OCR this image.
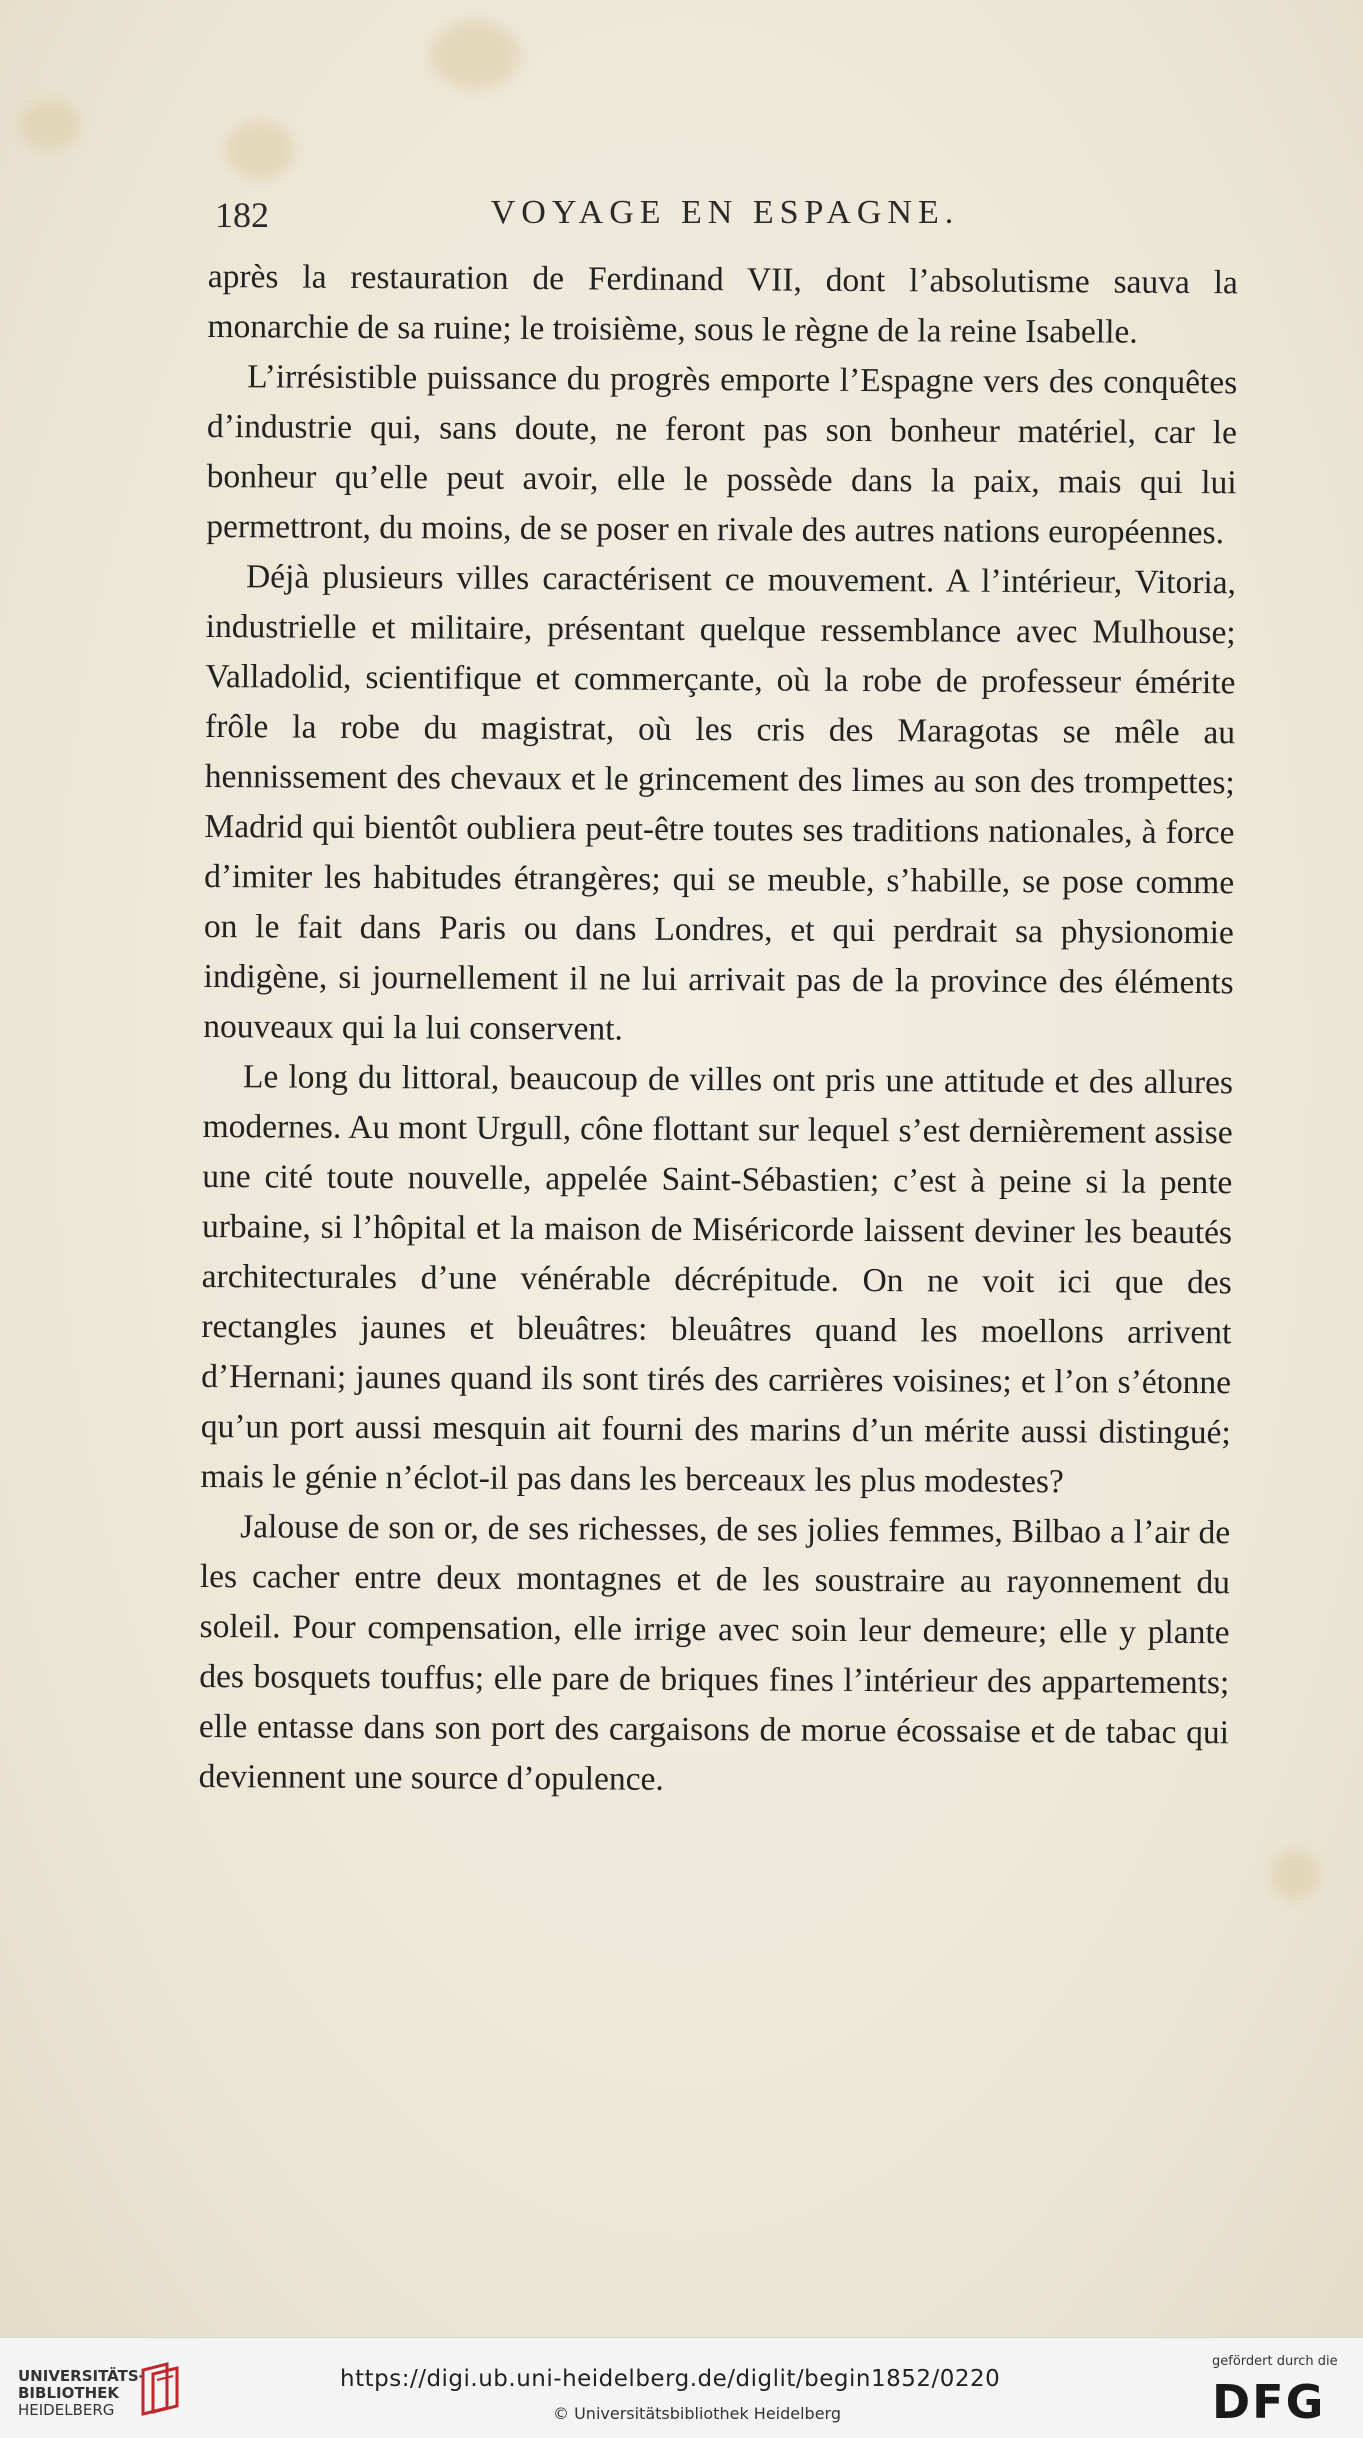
182	VOYAGE EN ESPAGNE.

après la restauration de Ferdinand VII, dont l’absolutisme sauva la monarchie de sa ruine; le troisième, sous le règne de la reine Isabelle.

L’irrésistible puissance du progrès emporte l’Espagne vers des conquêtes d’industrie qui, sans doute, ne feront pas son bonheur matériel, car le bonheur qu’elle peut avoir, elle le possède dans la paix, mais qui lui permettront, du moins, de se poser en rivale des autres nations européennes.

Déjà plusieurs villes caractérisent ce mouvement. A l’intérieur, Vitoria, industrielle et militaire, présentant quelque ressemblance avec Mulhouse; Valladolid, scientifique et commerçante, où la robe de professeur émérite frôle la robe du magistrat, où les cris des Maragotas se mêle au hennissement des chevaux et le grincement des limes au son des trompettes; Madrid qui bientôt oubliera peut-être toutes ses traditions nationales, à force d’imiter les habitudes étrangères; qui se meuble, s’habille, se pose comme on le fait dans Paris ou dans Londres, et qui perdrait sa physionomie indigène, si journellement il ne lui arrivait pas de la province des éléments nouveaux qui la lui conservent.

Le long du littoral, beaucoup de villes ont pris une attitude et des allures modernes. Au mont Urgull, cône flottant sur lequel s’est dernièrement assise une cité toute nouvelle, appelée Saint-Sébastien; c’est à peine si la pente urbaine, si l’hôpital et la maison de Miséricorde laissent deviner les beautés architecturales d’une vénérable décrépitude. On ne voit ici que des rectangles jaunes et bleuâtres: bleuâtres quand les moellons arrivent d’Hernani; jaunes quand ils sont tirés des carrières voisines; et l’on s’étonne qu’un port aussi mesquin ait fourni des marins d’un mérite aussi distingué; mais le génie n’éclot-il pas dans les berceaux les plus modestes?

Jalouse de son or, de ses richesses, de ses jolies femmes, Bilbao a l’air de les cacher entre deux montagnes et de les soustraire au rayonnement du soleil. Pour compensation, elle irrige avec soin leur demeure; elle y plante des bosquets touffus; elle pare de briques fines l’intérieur des appartements; elle entasse dans son port des cargaisons de morue écossaise et de tabac qui deviennent une source d’opulence.

UNIVERSITÄTS-
BIBLIOTHEK
HEIDELBERG
https://digi.ub.uni-heidelberg.de/diglit/begin1852/0220
© Universitätsbibliothek Heidelberg
gefördert durch die
DFG
